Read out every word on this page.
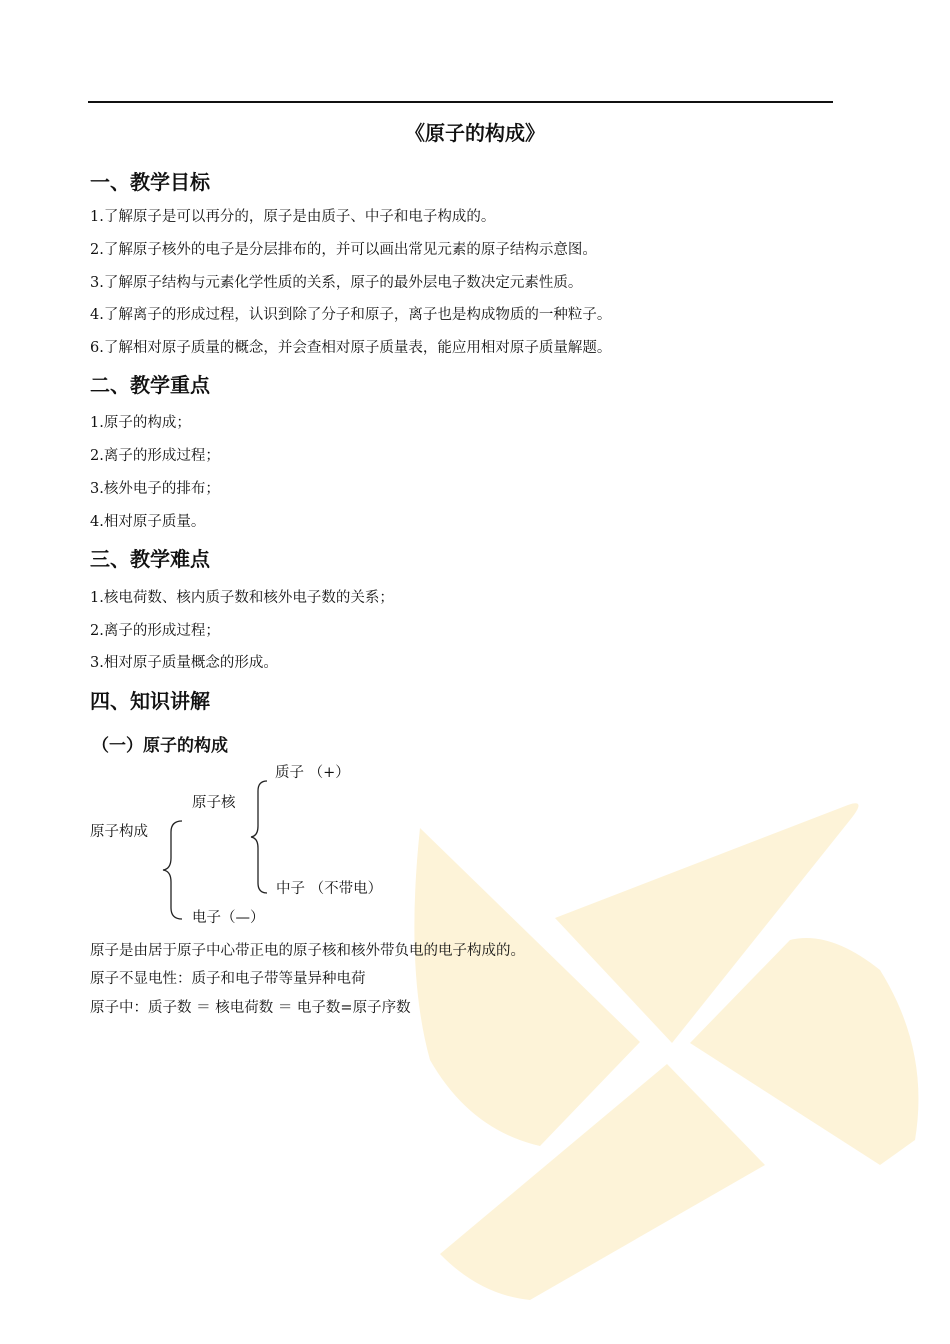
《原子的构成》
一、教学目标
1.了解原子是可以再分的，原子是由质子、中子和电子构成的。
2.了解原子核外的电子是分层排布的，并可以画出常见元素的原子结构示意图。
3.了解原子结构与元素化学性质的关系，原子的最外层电子数决定元素性质。
4.了解离子的形成过程，认识到除了分子和原子，离子也是构成物质的一种粒子。
6.了解相对原子质量的概念，并会查相对原子质量表，能应用相对原子质量解题。
二、教学重点
1.原子的构成；
2.离子的形成过程；
3.核外电子的排布；
4.相对原子质量。
三、教学难点
1.核电荷数、核内质子数和核外电子数的关系；
2.离子的形成过程；
3.相对原子质量概念的形成。
四、知识讲解
（一）原子的构成
质子 （+）
原子核
原子构成
中子 （不带电）
电子（—）
原子是由居于原子中心带正电的原子核和核外带负电的电子构成的。
原子不显电性：质子和电子带等量异种电荷
原子中：质子数 ＝ 核电荷数 ＝ 电子数=原子序数
